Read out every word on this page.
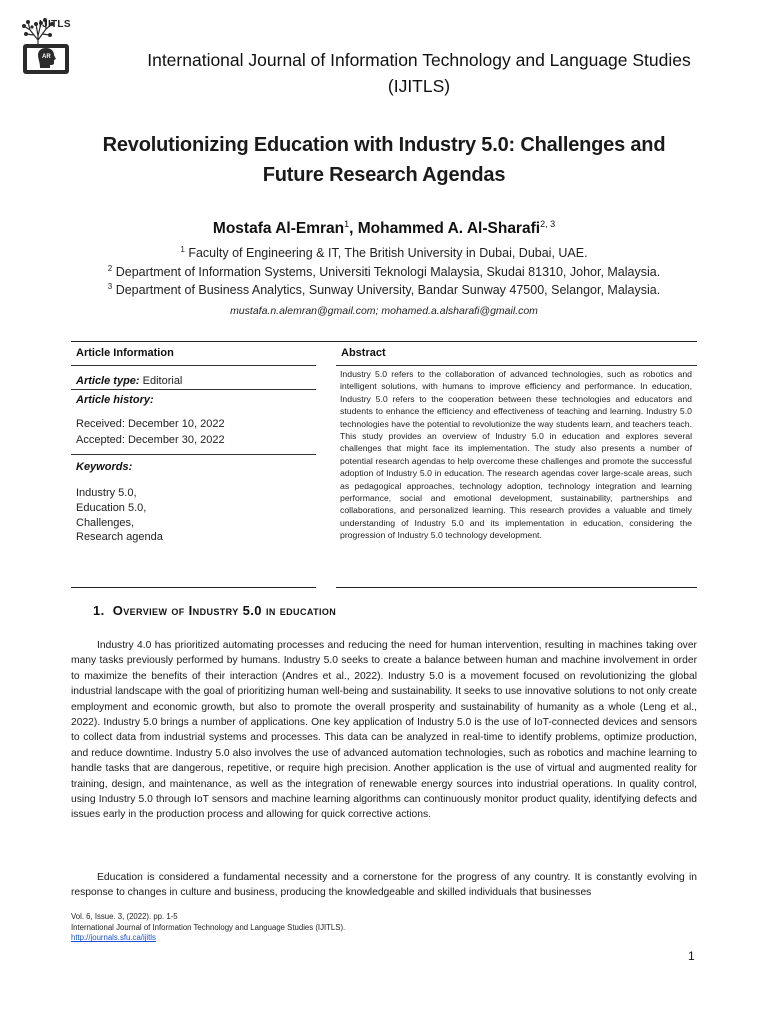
AR
IJITLS
International Journal of Information Technology and Language Studies
(IJITLS)
Revolutionizing Education with Industry 5.0: Challenges and
Future Research Agendas
Mostafa Al-Emran$^1$, Mohammed A. Al-Sharafi$^{2, 3}$
$^1$ Faculty of Engineering & IT, The British University in Dubai, Dubai, UAE.
$^2$ Department of Information Systems, Universiti Teknologi Malaysia, Skudai 81310, Johor, Malaysia.
$^3$ Department of Business Analytics, Sunway University, Bandar Sunway 47500, Selangor, Malaysia.
mustafa.n.alemran@gmail.com; mohamed.a.alsharafi@gmail.com
Article Information
Article type: Editorial
Article history:
Received: December 10, 2022
Accepted: December 30, 2022
Keywords:
Industry 5.0,
Education 5.0,
Challenges,
Research agenda
Abstract
Industry 5.0 refers to the collaboration of advanced technologies, such as robotics and intelligent solutions, with humans to improve efficiency and performance. In education, Industry 5.0 refers to the cooperation between these technologies and educators and students to enhance the efficiency and effectiveness of teaching and learning. Industry 5.0 technologies have the potential to revolutionize the way students learn, and teachers teach. This study provides an overview of Industry 5.0 in education and explores several challenges that might face its implementation. The study also presents a number of potential research agendas to help overcome these challenges and promote the successful adoption of Industry 5.0 in education. The research agendas cover large-scale areas, such as pedagogical approaches, technology adoption, technology integration and learning performance, social and emotional development, sustainability, partnerships and collaborations, and personalized learning. This research provides a valuable and timely understanding of Industry 5.0 and its implementation in education, considering the progression of Industry 5.0 technology development.
1. Overview of Industry 5.0 in education
Industry 4.0 has prioritized automating processes and reducing the need for human intervention, resulting in machines taking over many tasks previously performed by humans. Industry 5.0 seeks to create a balance between human and machine involvement in order to maximize the benefits of their interaction (Andres et al., 2022). Industry 5.0 is a movement focused on revolutionizing the global industrial landscape with the goal of prioritizing human well-being and sustainability. It seeks to use innovative solutions to not only create employment and economic growth, but also to promote the overall prosperity and sustainability of humanity as a whole (Leng et al., 2022). Industry 5.0 brings a number of applications. One key application of Industry 5.0 is the use of IoT-connected devices and sensors to collect data from industrial systems and processes. This data can be analyzed in real-time to identify problems, optimize production, and reduce downtime. Industry 5.0 also involves the use of advanced automation technologies, such as robotics and machine learning to handle tasks that are dangerous, repetitive, or require high precision. Another application is the use of virtual and augmented reality for training, design, and maintenance, as well as the integration of renewable energy sources into industrial operations. In quality control, using Industry 5.0 through IoT sensors and machine learning algorithms can continuously monitor product quality, identifying defects and issues early in the production process and allowing for quick corrective actions.
Education is considered a fundamental necessity and a cornerstone for the progress of any country. It is constantly evolving in response to changes in culture and business, producing the knowledgeable and skilled individuals that businesses
Vol. 6, Issue. 3, (2022). pp. 1-5
International Journal of Information Technology and Language Studies (IJITLS).
http://journals.sfu.ca/ijitls
1
